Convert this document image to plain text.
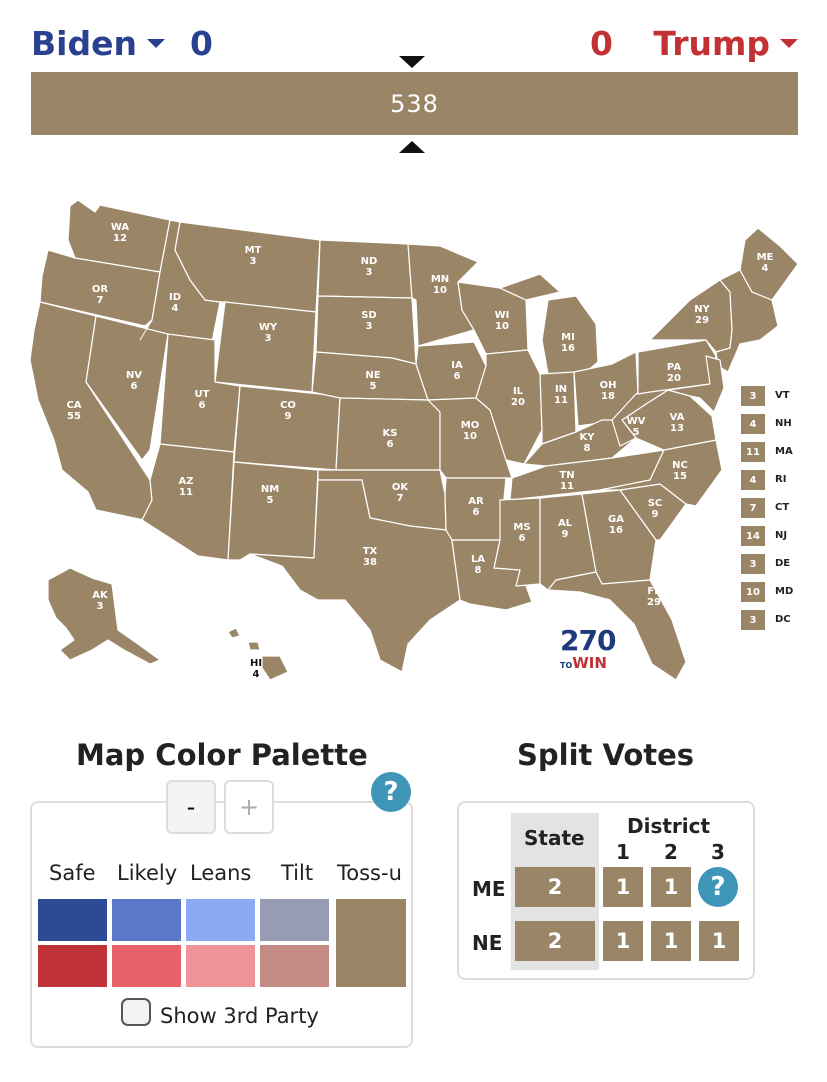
Biden 0	0 Trump
538
WA
12
OR
7
CA
55
ID
4
NV
6
MT
3
WY
3
UT
6
AZ
11
CO
9
NM
5
ND
3
SD
3
NE
5
KS
6
OK
7
TX
38
MN
10
IA
6
MO
10
AR
6
LA
8
WI
10
IL
20
MI
16
IN
11
OH
18
KY
8
TN
11
MS
6
AL
9
GA
16
FL
29
SC
9
NC
15
VA
13
WV
5
PA
20
NY
29
ME
4
AK
3
HI
4
3	VT
4	NH
11	MA
4	RI
7	CT
14	NJ
3	DE
10	MD
3	DC
270
TOWIN
Map Color Palette
-	+	?
Safe Likely Leans Tilt Toss-u
Show 3rd Party
Split Votes
State District
1 2 3
ME	2	1	1	?
NE	2	1	1	1
